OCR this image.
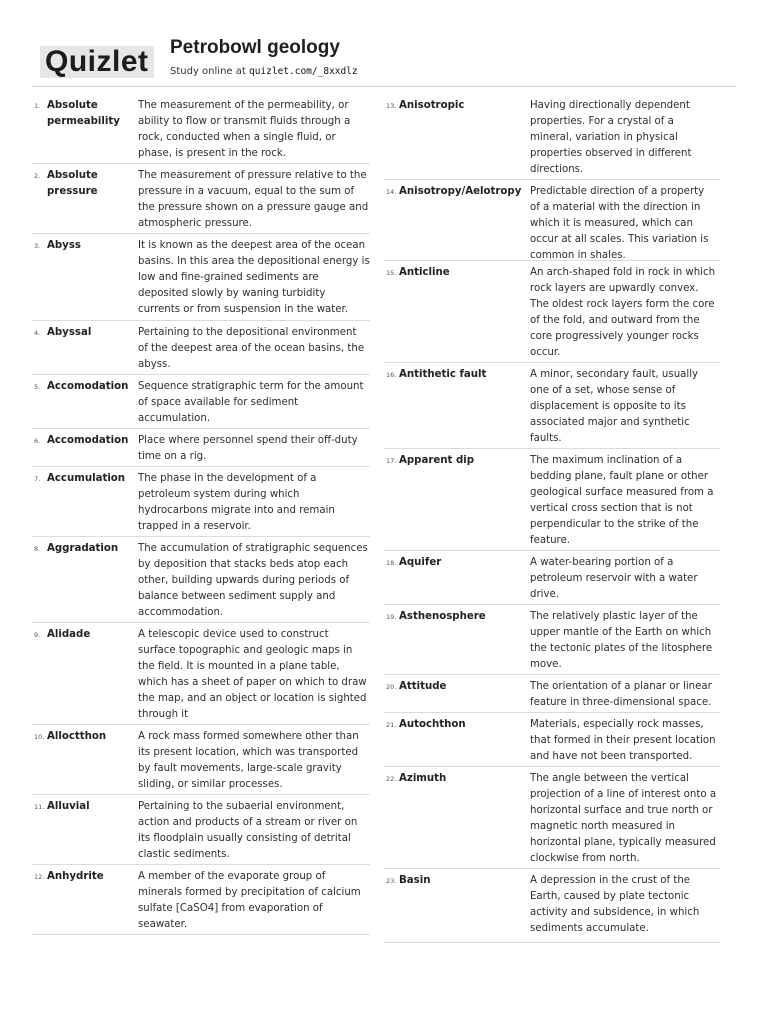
Quizlet Petrobowl geology
Study online at quizlet.com/_8xxdlz
1. Absolute permeability
The measurement of the permeability, or
ability to flow or transmit fluids through a
rock, conducted when a single fluid, or
phase, is present in the rock.
2. Absolute pressure
The measurement of pressure relative to the
pressure in a vacuum, equal to the sum of
the pressure shown on a pressure gauge and
atmospheric pressure.
3. Abyss	It is known as the deepest area of the ocean
basins. In this area the depositional energy is
low and fine-grained sediments are
deposited slowly by waning turbidity
currents or from suspension in the water.
4. Abyssal	Pertaining to the depositional environment
of the deepest area of the ocean basins, the
abyss.
5. Accomodation Sequence stratigraphic term for the amount
of space available for sediment
accumulation.
6. Accomodation Place where personnel spend their off-duty
time on a rig.
7. Accumulation	The phase in the development of a
petroleum system during which
hydrocarbons migrate into and remain
trapped in a reservoir.
8. Aggradation	The accumulation of stratigraphic sequences
by deposition that stacks beds atop each
other, building upwards during periods of
balance between sediment supply and
accommodation.
9. Alidade	A telescopic device used to construct
surface topographic and geologic maps in
the field. It is mounted in a plane table,
which has a sheet of paper on which to draw
the map, and an object or location is sighted
through it
10. Alloctthon	A rock mass formed somewhere other than
its present location, which was transported
by fault movements, large-scale gravity
sliding, or similar processes.
11. Alluvial	Pertaining to the subaerial environment,
action and products of a stream or river on
its floodplain usually consisting of detrital
clastic sediments.
12. Anhydrite	A member of the evaporate group of
minerals formed by precipitation of calcium
sulfate [CaSO4] from evaporation of
seawater.
13. Anisotropic	Having directionally dependent
properties. For a crystal of a
mineral, variation in physical
properties observed in different
directions.
14. Anisotropy/Aelotropy Predictable direction of a property
of a material with the direction in
which it is measured, which can
occur at all scales. This variation is
common in shales.
15. Anticline	An arch-shaped fold in rock in which
rock layers are upwardly convex.
The oldest rock layers form the core
of the fold, and outward from the
core progressively younger rocks
occur.
16. Antithetic fault	A minor, secondary fault, usually
one of a set, whose sense of
displacement is opposite to its
associated major and synthetic
faults.
17. Apparent dip	The maximum inclination of a
bedding plane, fault plane or other
geological surface measured from a
vertical cross section that is not
perpendicular to the strike of the
feature.
18. Aquifer	A water-bearing portion of a
petroleum reservoir with a water
drive.
19. Asthenosphere	The relatively plastic layer of the
upper mantle of the Earth on which
the tectonic plates of the litosphere
move.
20. Attitude	The orientation of a planar or linear
feature in three-dimensional space.
21. Autochthon	Materials, especially rock masses,
that formed in their present location
and have not been transported.
22. Azimuth	The angle between the vertical
projection of a line of interest onto a
horizontal surface and true north or
magnetic north measured in
horizontal plane, typically measured
clockwise from north.
23. Basin	A depression in the crust of the
Earth, caused by plate tectonic
activity and subsidence, in which
sediments accumulate.
